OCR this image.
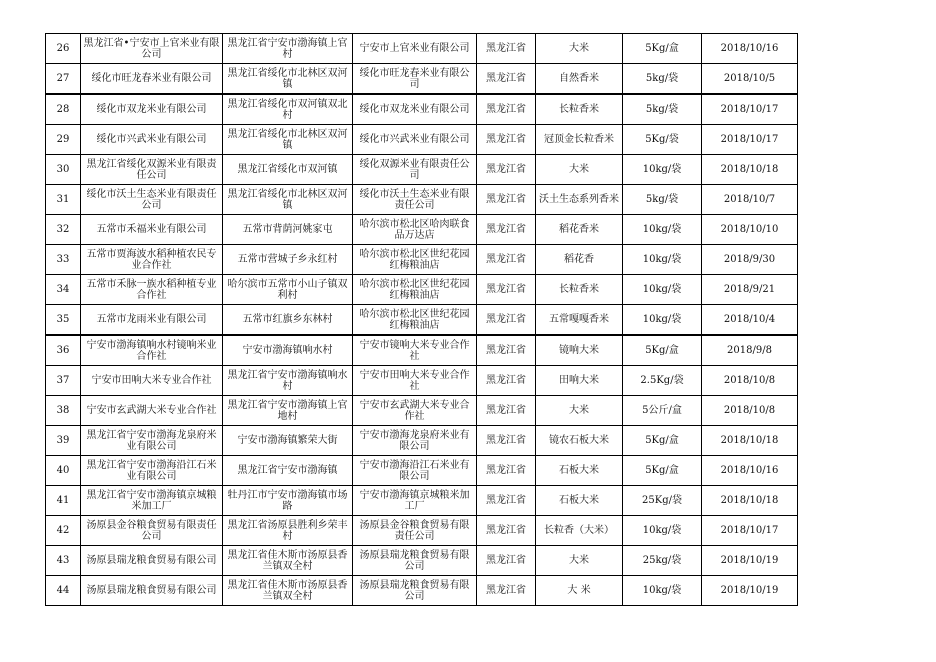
26	黑龙江省•宁安市上官米业有限公司	黑龙江省宁安市渤海镇上官村	宁安市上官米业有限公司	黑龙江省	大米	5Kg/盒	2018/10/16
27	绥化市旺龙春米业有限公司	黑龙江省绥化市北林区双河镇	绥化市旺龙春米业有限公司	黑龙江省	自然香米	5kg/袋	2018/10/5
28	绥化市双龙米业有限公司	黑龙江省绥化市双河镇双北村	绥化市双龙米业有限公司	黑龙江省	长粒香米	5kg/袋	2018/10/17
29	绥化市兴武米业有限公司	黑龙江省绥化市北林区双河镇	绥化市兴武米业有限公司	黑龙江省	冠顶金长粒香米	5Kg/袋	2018/10/17
30	黑龙江省绥化双源米业有限责任公司	黑龙江省绥化市双河镇	绥化双源米业有限责任公司	黑龙江省	大米	10kg/袋	2018/10/18
31	绥化市沃土生态米业有限责任公司	黑龙江省绥化市北林区双河镇	绥化市沃土生态米业有限责任公司	黑龙江省	沃土生态系列香米	5kg/袋	2018/10/7
32	五常市禾福米业有限公司	五常市背荫河姚家屯	哈尔滨市松北区哈肉联食品万达店	黑龙江省	稻花香米	10kg/袋	2018/10/10
33	五常市贾海波水稻种植农民专业合作社	五常市营城子乡永红村	哈尔滨市松北区世纪花园红梅粮油店	黑龙江省	稻花香	10kg/袋	2018/9/30
34	五常市禾脉一族水稻种植专业合作社	哈尔滨市五常市小山子镇双利村	哈尔滨市松北区世纪花园红梅粮油店	黑龙江省	长粒香米	10kg/袋	2018/9/21
35	五常市龙雨米业有限公司	五常市红旗乡东林村	哈尔滨市松北区世纪花园红梅粮油店	黑龙江省	五常嘎嘎香米	10kg/袋	2018/10/4
36	宁安市渤海镇响水村镜响米业合作社	宁安市渤海镇响水村	宁安市镜响大米专业合作社	黑龙江省	镜响大米	5Kg/盒	2018/9/8
37	宁安市田响大米专业合作社	黑龙江省宁安市渤海镇响水村	宁安市田响大米专业合作社	黑龙江省	田响大米	2.5Kg/袋	2018/10/8
38	宁安市玄武湖大米专业合作社	黑龙江省宁安市渤海镇上官地村	宁安市玄武湖大米专业合作社	黑龙江省	大米	5公斤/盒	2018/10/8
39	黑龙江省宁安市渤海龙泉府米业有限公司	宁安市渤海镇繁荣大街	宁安市渤海龙泉府米业有限公司	黑龙江省	镜农石板大米	5Kg/盒	2018/10/18
40	黑龙江省宁安市渤海沿江石米业有限公司	黑龙江省宁安市渤海镇	宁安市渤海沿江石米业有限公司	黑龙江省	石板大米	5Kg/盒	2018/10/16
41	黑龙江省宁安市渤海镇京城粮米加工厂	牡丹江市宁安市渤海镇市场路	宁安市渤海镇京城粮米加工厂	黑龙江省	石板大米	25Kg/袋	2018/10/18
42	汤原县金谷粮食贸易有限责任公司	黑龙江省汤原县胜利乡荣丰村	汤原县金谷粮食贸易有限责任公司	黑龙江省	长粒香（大米）	10kg/袋	2018/10/17
43	汤原县瑞龙粮食贸易有限公司	黑龙江省佳木斯市汤原县香兰镇双全村	汤原县瑞龙粮食贸易有限公司	黑龙江省	大米	25kg/袋	2018/10/19
44	汤原县瑞龙粮食贸易有限公司	黑龙江省佳木斯市汤原县香兰镇双全村	汤原县瑞龙粮食贸易有限公司	黑龙江省	大 米	10kg/袋	2018/10/19
